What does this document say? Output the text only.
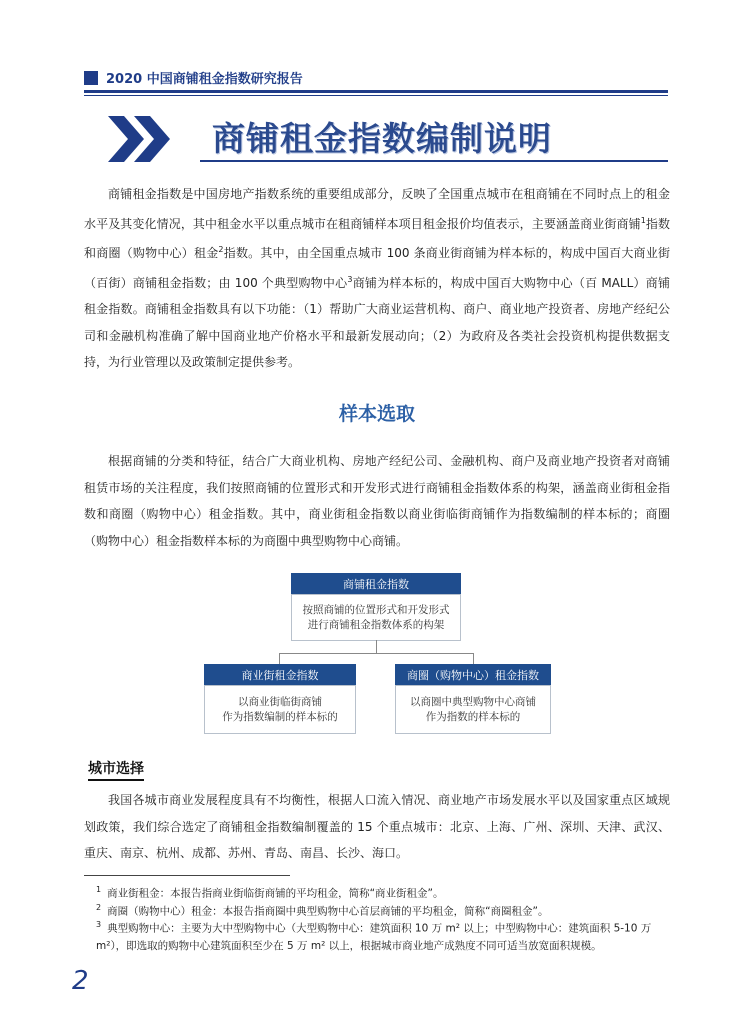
2020 中国商铺租金指数研究报告
商铺租金指数编制说明

商铺租金指数是中国房地产指数系统的重要组成部分，反映了全国重点城市在租商铺在不同时点上的租金水平及其变化情况，其中租金水平以重点城市在租商铺样本项目租金报价均值表示，主要涵盖商业街商铺$^1$指数和商圈（购物中心）租金$^2$指数。其中，由全国重点城市 100 条商业街商铺为样本标的，构成中国百大商业街（百街）商铺租金指数；由 100 个典型购物中心$^3$商铺为样本标的，构成中国百大购物中心（百 MALL）商铺租金指数。商铺租金指数具有以下功能：（1）帮助广大商业运营机构、商户、商业地产投资者、房地产经纪公司和金融机构准确了解中国商业地产价格水平和最新发展动向；（2）为政府及各类社会投资机构提供数据支持，为行业管理以及政策制定提供参考。

样本选取

根据商铺的分类和特征，结合广大商业机构、房地产经纪公司、金融机构、商户及商业地产投资者对商铺租赁市场的关注程度，我们按照商铺的位置形式和开发形式进行商铺租金指数体系的构架，涵盖商业街租金指数和商圈（购物中心）租金指数。其中，商业街租金指数以商业街临街商铺作为指数编制的样本标的；商圈（购物中心）租金指数样本标的为商圈中典型购物中心商铺。

商铺租金指数
按照商铺的位置形式和开发形式
进行商铺租金指数体系的构架
商业街租金指数
以商业街临街商铺
作为指数编制的样本标的
商圈（购物中心）租金指数
以商圈中典型购物中心商铺
作为指数的样本标的
城市选择

我国各城市商业发展程度具有不均衡性，根据人口流入情况、商业地产市场发展水平以及国家重点区域规划政策，我们综合选定了商铺租金指数编制覆盖的 15 个重点城市：北京、上海、广州、深圳、天津、武汉、重庆、南京、杭州、成都、苏州、青岛、南昌、长沙、海口。

$^1$ 商业街租金：本报告指商业街临街商铺的平均租金，简称“商业街租金”。
$^2$ 商圈（购物中心）租金：本报告指商圈中典型购物中心首层商铺的平均租金，简称“商圈租金”。
$^3$ 典型购物中心：主要为大中型购物中心（大型购物中心：建筑面积 10 万 m² 以上；中型购物中心：建筑面积 5-10 万 m²），即选取的购物中心建筑面积至少在 5 万 m² 以上，根据城市商业地产成熟度不同可适当放宽面积规模。
2
